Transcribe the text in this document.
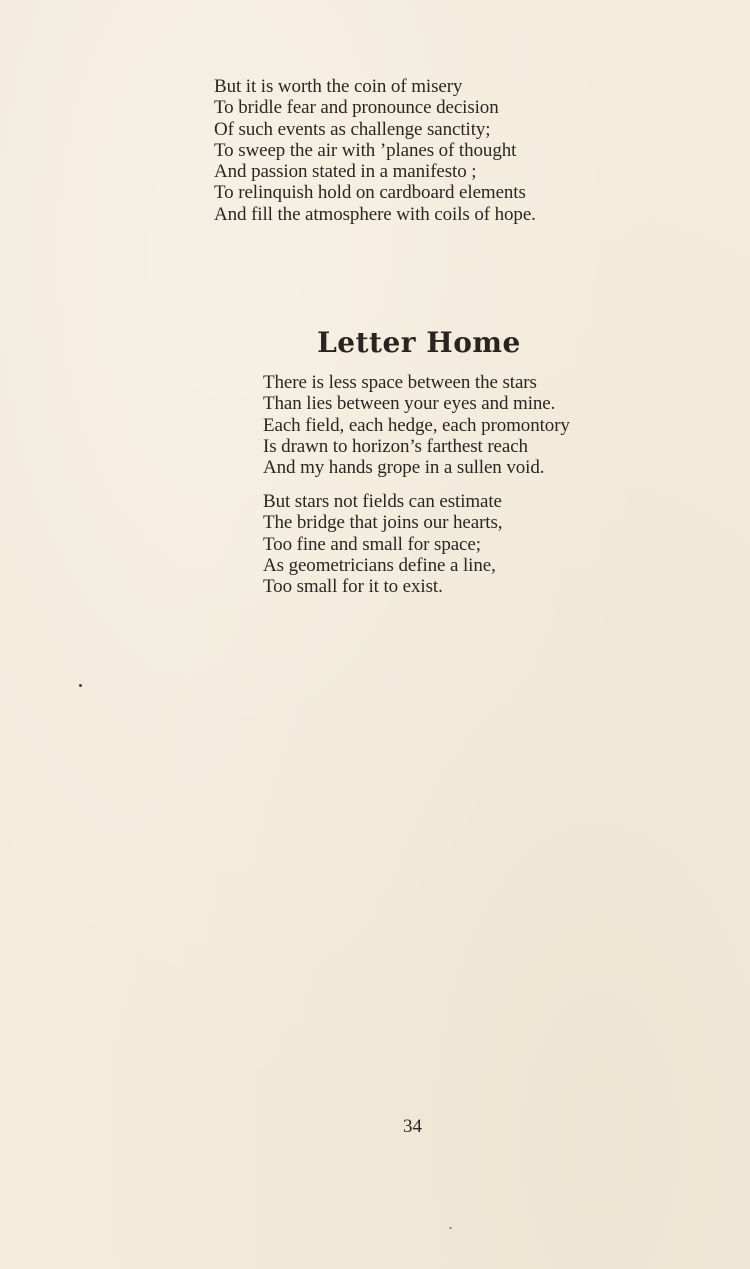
But it is worth the coin of misery
To bridle fear and pronounce decision
Of such events as challenge sanctity;
To sweep the air with ’planes of thought
And passion stated in a manifesto ;
To relinquish hold on cardboard elements
And fill the atmosphere with coils of hope.
Letter Home
There is less space between the stars
Than lies between your eyes and mine.
Each field, each hedge, each promontory
Is drawn to horizon’s farthest reach
And my hands grope in a sullen void.
But stars not fields can estimate
The bridge that joins our hearts,
Too fine and small for space;
As geometricians define a line,
Too small for it to exist.
34
